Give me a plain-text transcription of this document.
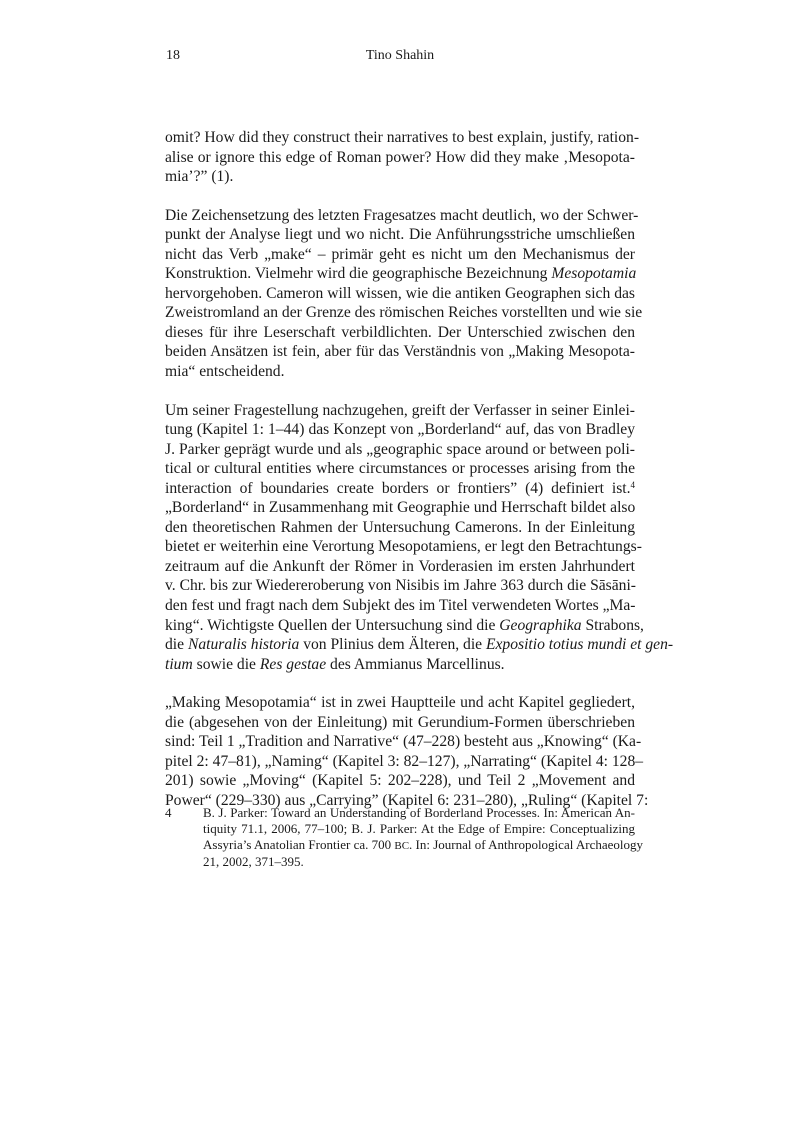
18	Tino Shahin
omit? How did they construct their narratives to best explain, justify, ration-
alise or ignore this edge of Roman power? How did they make ‚Mesopota-
mia’?” (1).
Die Zeichensetzung des letzten Fragesatzes macht deutlich, wo der Schwer-
punkt der Analyse liegt und wo nicht. Die Anführungsstriche umschließen
nicht das Verb „make“ – primär geht es nicht um den Mechanismus der
Konstruktion. Vielmehr wird die geographische Bezeichnung Mesopotamia
hervorgehoben. Cameron will wissen, wie die antiken Geographen sich das
Zweistromland an der Grenze des römischen Reiches vorstellten und wie sie
dieses für ihre Leserschaft verbildlichten. Der Unterschied zwischen den
beiden Ansätzen ist fein, aber für das Verständnis von „Making Mesopota-
mia“ entscheidend.
Um seiner Fragestellung nachzugehen, greift der Verfasser in seiner Einlei-
tung (Kapitel 1: 1–44) das Konzept von „Borderland“ auf, das von Bradley
J. Parker geprägt wurde und als „geographic space around or between poli-
tical or cultural entities where circumstances or processes arising from the
interaction of boundaries create borders or frontiers” (4) definiert ist.$^4$
„Borderland“ in Zusammenhang mit Geographie und Herrschaft bildet also
den theoretischen Rahmen der Untersuchung Camerons. In der Einleitung
bietet er weiterhin eine Verortung Mesopotamiens, er legt den Betrachtungs-
zeitraum auf die Ankunft der Römer in Vorderasien im ersten Jahrhundert
v. Chr. bis zur Wiedereroberung von Nisibis im Jahre 363 durch die Sāsāni-
den fest und fragt nach dem Subjekt des im Titel verwendeten Wortes „Ma-
king“. Wichtigste Quellen der Untersuchung sind die Geographika Strabons,
die Naturalis historia von Plinius dem Älteren, die Expositio totius mundi et gen-
tium sowie die Res gestae des Ammianus Marcellinus.
„Making Mesopotamia“ ist in zwei Hauptteile und acht Kapitel gegliedert,
die (abgesehen von der Einleitung) mit Gerundium-Formen überschrieben
sind: Teil 1 „Tradition and Narrative“ (47–228) besteht aus „Knowing“ (Ka-
pitel 2: 47–81), „Naming“ (Kapitel 3: 82–127), „Narrating“ (Kapitel 4: 128–
201) sowie „Moving“ (Kapitel 5: 202–228), und Teil 2 „Movement and
Power“ (229–330) aus „Carrying” (Kapitel 6: 231–280), „Ruling“ (Kapitel 7:
4	B. J. Parker: Toward an Understanding of Borderland Processes. In: American An-
tiquity 71.1, 2006, 77–100; B. J. Parker: At the Edge of Empire: Conceptualizing
Assyria’s Anatolian Frontier ca. 700 BC. In: Journal of Anthropological Archaeology
21, 2002, 371–395.
